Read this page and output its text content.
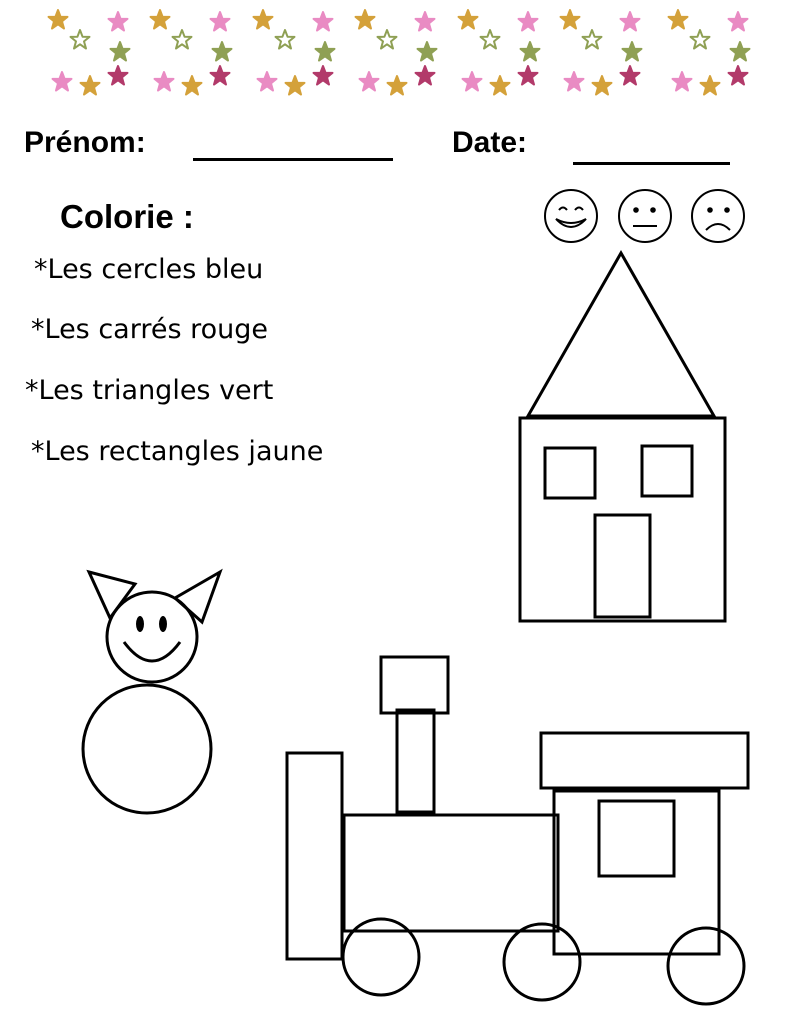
Prénom:	Date:
Colorie :
*Les cercles bleu
*Les carrés rouge
*Les triangles vert
*Les rectangles jaune
